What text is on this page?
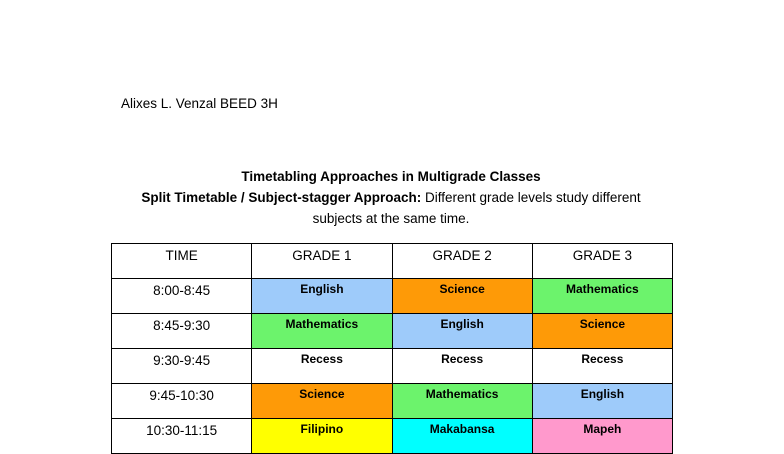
Alixes L. Venzal BEED 3H
Timetabling Approaches in Multigrade Classes
Split Timetable / Subject-stagger Approach: Different grade levels study different
subjects at the same time.
TIME	GRADE 1	GRADE 2	GRADE 3
8:00-8:45	English	Science	Mathematics
8:45-9:30	Mathematics	English	Science
9:30-9:45	Recess	Recess	Recess
9:45-10:30	Science	Mathematics	English
10:30-11:15	Filipino	Makabansa	Mapeh
